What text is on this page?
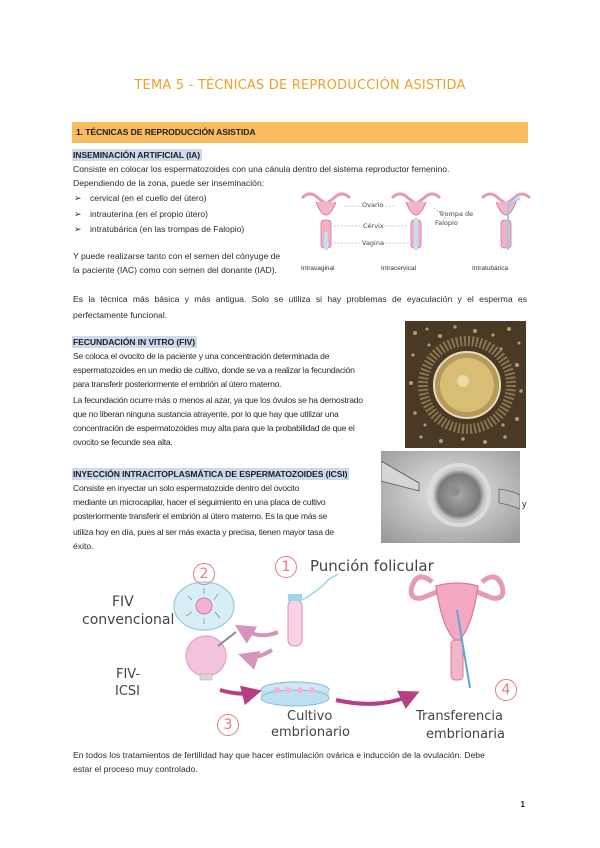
TEMA 5 - TÉCNICAS DE REPRODUCCIÓN ASISTIDA
1. TÉCNICAS DE REPRODUCCIÓN ASISTIDA
INSEMINACIÓN ARTIFICIAL (IA)
Consiste en colocar los espermatozoides con una cánula dentro del sistema reproductor femenino.
Dependiendo de la zona, puede ser inseminación:
➢ cervical (en el cuello del útero)
➢ intrauterina (en el propio útero)
➢ intratubárica (en las trompas de Falopio)
Y puede realizarse tanto con el semen del cónyuge de
la paciente (IAC) como con semen del donante (IAD).
Ovario
Cérvix
Vagina
Trompa de
Falopio
Intravaginal	Intracervical	Intratubárica
Es la técnica más básica y más antigua. Solo se utiliza si hay problemas de eyaculación y el esperma es perfectamente funcional.
FECUNDACIÓN IN VITRO (FIV)
Se coloca el ovocito de la paciente y una concentración determinada de
espermatozoides en un medio de cultivo, donde se va a realizar la fecundación
para transferir posteriormente el embrión al útero materno.
La fecundación ocurre más o menos al azar, ya que los óvulos se ha demostrado
que no liberan ninguna sustancia atrayente, por lo que hay que utilizar una
concentración de espermatozoides muy alta para que la probabilidad de que el
ovocito se fecunde sea alta.
INYECCIÓN INTRACITOPLASMÁTICA DE ESPERMATOZOIDES (ICSI)
Consiste en inyectar un solo espermatozoide dentro del ovocito
mediante un microcapilar, hacer el seguimiento en una placa de cultivo
posteriormente transferir el embrión al útero materno. Es la que más se
utiliza hoy en día, pues al ser más exacta y precisa, tienen mayor tasa de
éxito.
y
2
FIV
convencional
1	Punción folicular
FIV-
ICSI
3
Cultivo
embrionario
4
Transferencia
embrionaria
En todos los tratamientos de fertilidad hay que hacer estimulación ovárica e inducción de la ovulación. Debe
estar el proceso muy controlado.
1
